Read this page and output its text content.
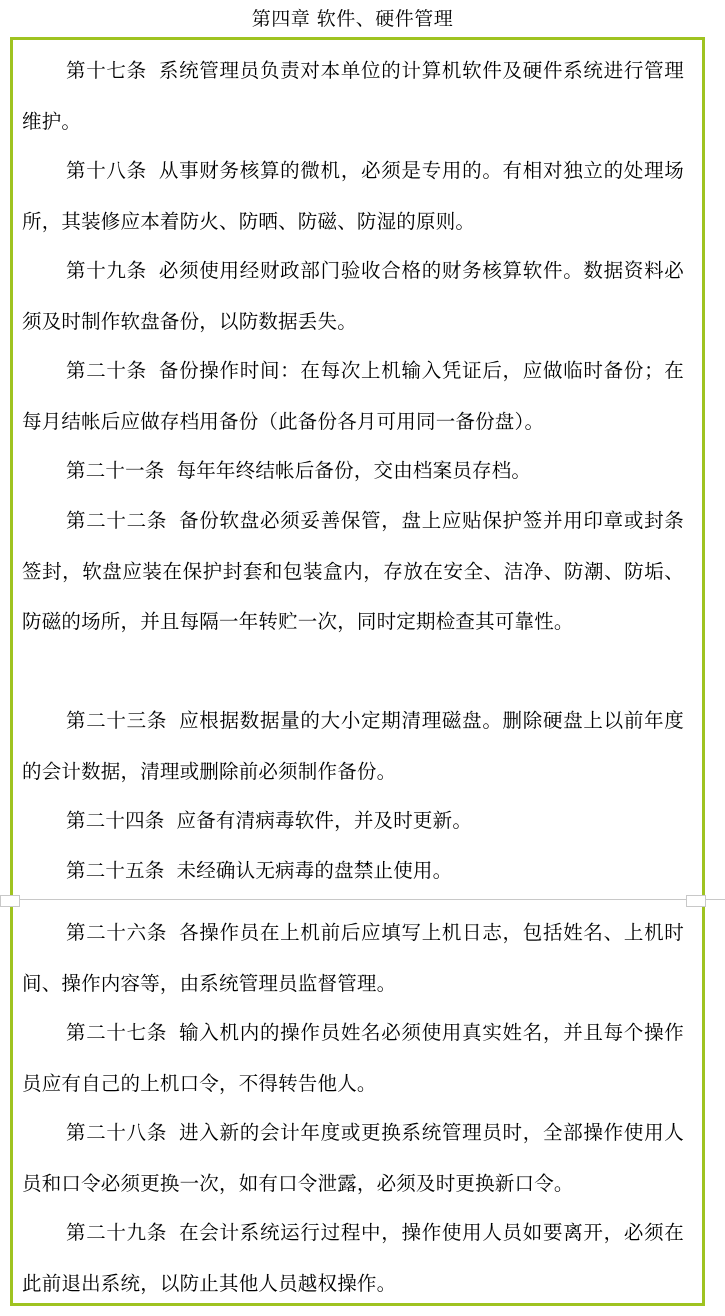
第四章 软件、硬件管理

第十七条 系统管理员负责对本单位的计算机软件及硬件系统进行管理维护。

第十八条 从事财务核算的微机，必须是专用的。有相对独立的处理场所，其装修应本着防火、防晒、防磁、防湿的原则。

第十九条 必须使用经财政部门验收合格的财务核算软件。数据资料必须及时制作软盘备份，以防数据丢失。

第二十条 备份操作时间：在每次上机输入凭证后，应做临时备份；在每月结帐后应做存档用备份（此备份各月可用同一备份盘）。

第二十一条 每年年终结帐后备份，交由档案员存档。

第二十二条 备份软盘必须妥善保管，盘上应贴保护签并用印章或封条签封，软盘应装在保护封套和包装盒内，存放在安全、洁净、防潮、防垢、防磁的场所，并且每隔一年转贮一次，同时定期检查其可靠性。

第二十三条 应根据数据量的大小定期清理磁盘。删除硬盘上以前年度的会计数据，清理或删除前必须制作备份。

第二十四条 应备有清病毒软件，并及时更新。

第二十五条 未经确认无病毒的盘禁止使用。

第二十六条 各操作员在上机前后应填写上机日志，包括姓名、上机时间、操作内容等，由系统管理员监督管理。

第二十七条 输入机内的操作员姓名必须使用真实姓名，并且每个操作员应有自己的上机口令，不得转告他人。

第二十八条 进入新的会计年度或更换系统管理员时，全部操作使用人员和口令必须更换一次，如有口令泄露，必须及时更换新口令。

第二十九条 在会计系统运行过程中，操作使用人员如要离开，必须在此前退出系统，以防止其他人员越权操作。
